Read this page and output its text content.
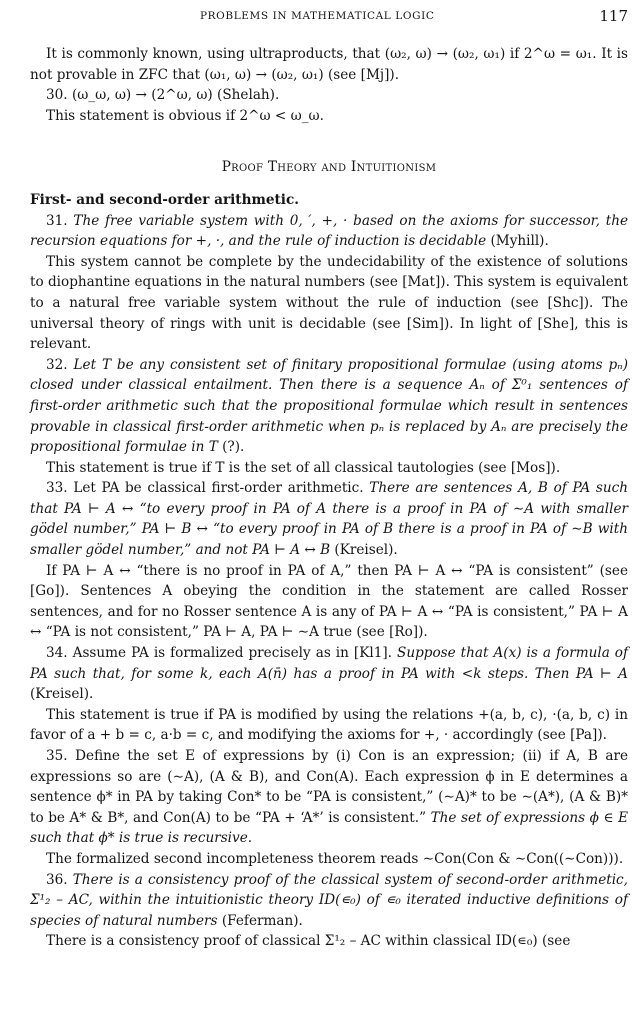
PROBLEMS IN MATHEMATICAL LOGIC	117

It is commonly known, using ultraproducts, that (ω₂, ω) → (ω₂, ω₁) if 2^ω = ω₁. It is not provable in ZFC that (ω₁, ω) → (ω₂, ω₁) (see [Mj]).

30. (ω_ω, ω) → (2^ω, ω) (Shelah).

This statement is obvious if 2^ω < ω_ω.

Proof Theory and Intuitionism

First- and second-order arithmetic.

31. The free variable system with 0, ′, +, · based on the axioms for successor, the recursion equations for +, ·, and the rule of induction is decidable (Myhill).

This system cannot be complete by the undecidability of the existence of solutions to diophantine equations in the natural numbers (see [Mat]). This system is equivalent to a natural free variable system without the rule of induction (see [Shc]). The universal theory of rings with unit is decidable (see [Sim]). In light of [She], this is relevant.

32. Let T be any consistent set of finitary propositional formulae (using atoms pₙ) closed under classical entailment. Then there is a sequence Aₙ of Σ⁰₁ sentences of first-order arithmetic such that the propositional formulae which result in sentences provable in classical first-order arithmetic when pₙ is replaced by Aₙ are precisely the propositional formulae in T (?).

This statement is true if T is the set of all classical tautologies (see [Mos]).

33. Let PA be classical first-order arithmetic. There are sentences A, B of PA such that PA ⊢ A ↔ “to every proof in PA of A there is a proof in PA of ∼A with smaller gödel number,” PA ⊢ B ↔ “to every proof in PA of B there is a proof in PA of ∼B with smaller gödel number,” and not PA ⊢ A ↔ B (Kreisel).

If PA ⊢ A ↔ “there is no proof in PA of A,” then PA ⊢ A ↔ “PA is consistent” (see [Go]). Sentences A obeying the condition in the statement are called Rosser sentences, and for no Rosser sentence A is any of PA ⊢ A ↔ “PA is consistent,” PA ⊢ A ↔ “PA is not consistent,” PA ⊢ A, PA ⊢ ∼A true (see [Ro]).

34. Assume PA is formalized precisely as in [Kl1]. Suppose that A(x) is a formula of PA such that, for some k, each A(n̄) has a proof in PA with <k steps. Then PA ⊢ A (Kreisel).

This statement is true if PA is modified by using the relations +(a, b, c), ·(a, b, c) in favor of a + b = c, a·b = c, and modifying the axioms for +, · accordingly (see [Pa]).

35. Define the set E of expressions by (i) Con is an expression; (ii) if A, B are expressions so are (∼A), (A & B), and Con(A). Each expression ϕ in E determines a sentence ϕ* in PA by taking Con* to be “PA is consistent,” (∼A)* to be ∼(A*), (A & B)* to be A* & B*, and Con(A) to be “PA + ‘A*’ is consistent.” The set of expressions ϕ ∈ E such that ϕ* is true is recursive.

The formalized second incompleteness theorem reads ∼Con(Con & ∼Con((∼Con))).

36. There is a consistency proof of the classical system of second-order arithmetic, Σ¹₂ – AC, within the intuitionistic theory ID(∊₀) of ∊₀ iterated inductive definitions of species of natural numbers (Feferman).

There is a consistency proof of classical Σ¹₂ – AC within classical ID(∊₀) (see
